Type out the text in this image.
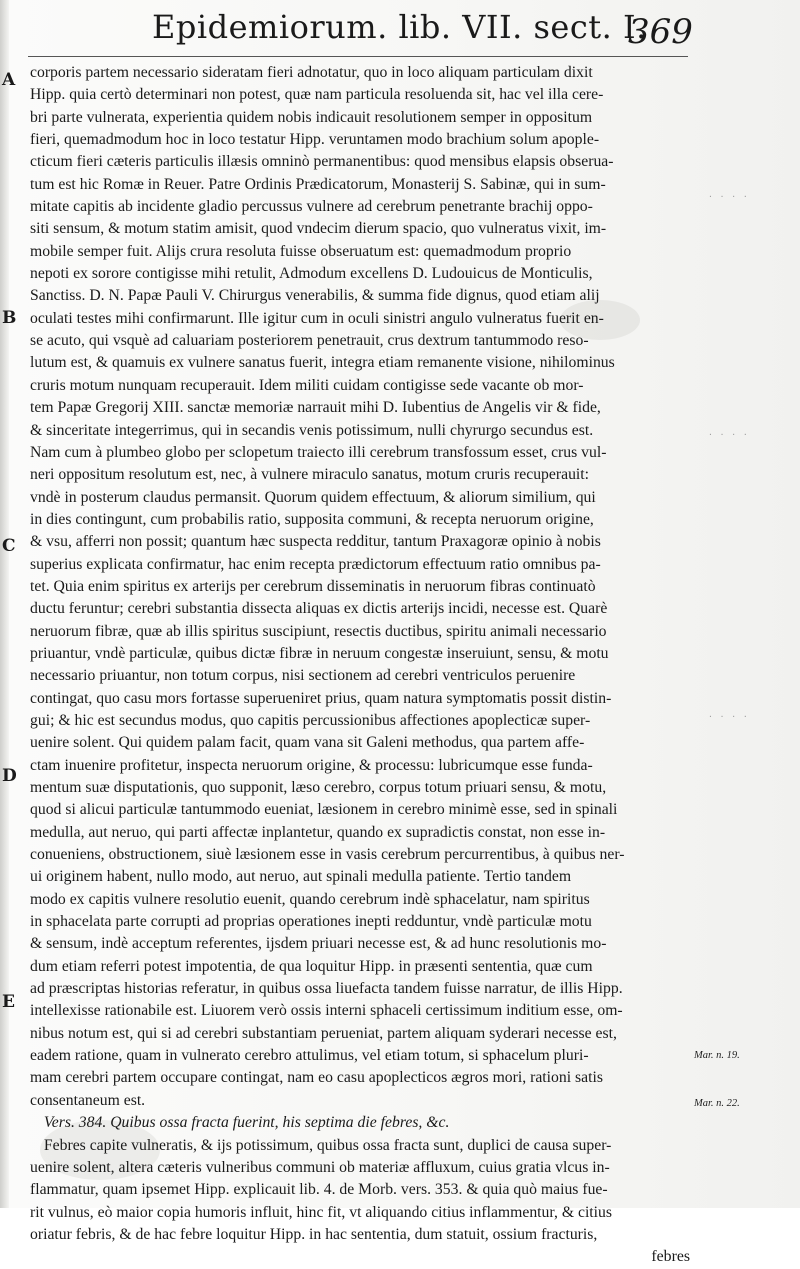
Epidemiorum. lib. VII. sect. I.
369
A
B
C
D
E
· · · ·
· · · ·
· · · ·
Mar. n. 19.
Mar. n. 22.
corporis partem necessario sideratam fieri adnotatur, quo in loco aliquam particulam dixit
Hipp. quia certò determinari non potest, quæ nam particula resoluenda sit, hac vel illa cere-
bri parte vulnerata, experientia quidem nobis indicauit resolutionem semper in oppositum
fieri, quemadmodum hoc in loco testatur Hipp. veruntamen modo brachium solum apople-
cticum fieri cæteris particulis illæsis omninò permanentibus: quod mensibus elapsis obserua-
tum est hic Romæ in Reuer. Patre Ordinis Prædicatorum, Monasterij S. Sabinæ, qui in sum-
mitate capitis ab incidente gladio percussus vulnere ad cerebrum penetrante brachij oppo-
siti sensum, & motum statim amisit, quod vndecim dierum spacio, quo vulneratus vixit, im-
mobile semper fuit. Alijs crura resoluta fuisse obseruatum est: quemadmodum proprio
nepoti ex sorore contigisse mihi retulit, Admodum excellens D. Ludouicus de Monticulis,
Sanctiss. D. N. Papæ Pauli V. Chirurgus venerabilis, & summa fide dignus, quod etiam alij
oculati testes mihi confirmarunt. Ille igitur cum in oculi sinistri angulo vulneratus fuerit en-
se acuto, qui vsquè ad caluariam posteriorem penetrauit, crus dextrum tantummodo reso-
lutum est, & quamuis ex vulnere sanatus fuerit, integra etiam remanente visione, nihilominus
cruris motum nunquam recuperauit. Idem militi cuidam contigisse sede vacante ob mor-
tem Papæ Gregorij XIII. sanctæ memoriæ narrauit mihi D. Iubentius de Angelis vir & fide,
& sinceritate integerrimus, qui in secandis venis potissimum, nulli chyrurgo secundus est.
Nam cum à plumbeo globo per sclopetum traiecto illi cerebrum transfossum esset, crus vul-
neri oppositum resolutum est, nec, à vulnere miraculo sanatus, motum cruris recuperauit:
vndè in posterum claudus permansit. Quorum quidem effectuum, & aliorum similium, qui
in dies contingunt, cum probabilis ratio, supposita communi, & recepta neruorum origine,
& vsu, afferri non possit; quantum hæc suspecta redditur, tantum Praxagoræ opinio à nobis
superius explicata confirmatur, hac enim recepta prædictorum effectuum ratio omnibus pa-
tet. Quia enim spiritus ex arterijs per cerebrum disseminatis in neruorum fibras continuatò
ductu feruntur; cerebri substantia dissecta aliquas ex dictis arterijs incidi, necesse est. Quarè
neruorum fibræ, quæ ab illis spiritus suscipiunt, resectis ductibus, spiritu animali necessario
priuantur, vndè particulæ, quibus dictæ fibræ in neruum congestæ inseruiunt, sensu, & motu
necessario priuantur, non totum corpus, nisi sectionem ad cerebri ventriculos peruenire
contingat, quo casu mors fortasse superueniret prius, quam natura symptomatis possit distin-
gui; & hic est secundus modus, quo capitis percussionibus affectiones apoplecticæ super-
uenire solent. Qui quidem palam facit, quam vana sit Galeni methodus, qua partem affe-
ctam inuenire profitetur, inspecta neruorum origine, & processu: lubricumque esse funda-
mentum suæ disputationis, quo supponit, læso cerebro, corpus totum priuari sensu, & motu,
quod si alicui particulæ tantummodo eueniat, læsionem in cerebro minimè esse, sed in spinali
medulla, aut neruo, qui parti affectæ inplantetur, quando ex supradictis constat, non esse in-
conueniens, obstructionem, siuè læsionem esse in vasis cerebrum percurrentibus, à quibus ner-
ui originem habent, nullo modo, aut neruo, aut spinali medulla patiente. Tertio tandem
modo ex capitis vulnere resolutio euenit, quando cerebrum indè sphacelatur, nam spiritus
in sphacelata parte corrupti ad proprias operationes inepti redduntur, vndè particulæ motu
& sensum, indè acceptum referentes, ijsdem priuari necesse est, & ad hunc resolutionis mo-
dum etiam referri potest impotentia, de qua loquitur Hipp. in præsenti sententia, quæ cum
ad præscriptas historias referatur, in quibus ossa liuefacta tandem fuisse narratur, de illis Hipp.
intellexisse rationabile est. Liuorem verò ossis interni sphaceli certissimum inditium esse, om-
nibus notum est, qui si ad cerebri substantiam perueniat, partem aliquam syderari necesse est,
eadem ratione, quam in vulnerato cerebro attulimus, vel etiam totum, si sphacelum pluri-
mam cerebri partem occupare contingat, nam eo casu apoplecticos ægros mori, rationi satis
consentaneum est.
Vers. 384. Quibus ossa fracta fuerint, his septima die febres, &c.
Febres capite vulneratis, & ijs potissimum, quibus ossa fracta sunt, duplici de causa super-
uenire solent, altera cæteris vulneribus communi ob materiæ affluxum, cuius gratia vlcus in-
flammatur, quam ipsemet Hipp. explicauit lib. 4. de Morb. vers. 353. & quia quò maius fue-
rit vulnus, eò maior copia humoris influit, hinc fit, vt aliquando citius inflammentur, & citius
oriatur febris, & de hac febre loquitur Hipp. in hac sententia, dum statuit, ossium fracturis,
febres
